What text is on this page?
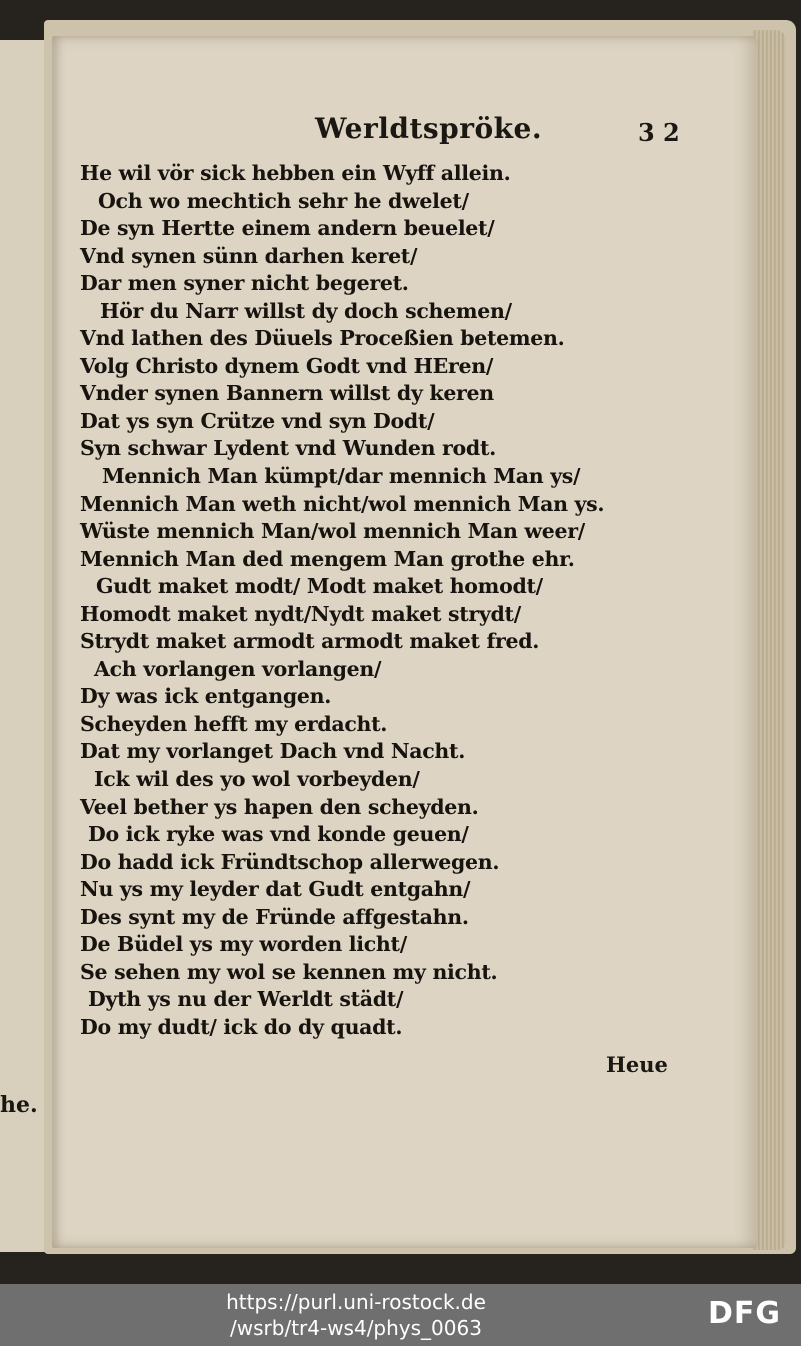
he.
Werldtspröke.	3 2
He wil vör sick hebben ein Wyff allein.
Och wo mechtich sehr he dwelet/
De syn Hertte einem andern beuelet/
Vnd synen sünn darhen keret/
Dar men syner nicht begeret.
Hör du Narr willst dy doch schemen/
Vnd lathen des Düuels Proceßien betemen.
Volg Christo dynem Godt vnd HEren/
Vnder synen Bannern willst dy keren
Dat ys syn Crütze vnd syn Dodt/
Syn schwar Lydent vnd Wunden rodt.
Mennich Man kümpt/dar mennich Man ys/
Mennich Man weth nicht/wol mennich Man ys.
Wüste mennich Man/wol mennich Man weer/
Mennich Man ded mengem Man grothe ehr.
Gudt maket modt/ Modt maket homodt/
Homodt maket nydt/Nydt maket strydt/
Strydt maket armodt armodt maket fred.
Ach vorlangen vorlangen/
Dy was ick entgangen.
Scheyden hefft my erdacht.
Dat my vorlanget Dach vnd Nacht.
Ick wil des yo wol vorbeyden/
Veel bether ys hapen den scheyden.
Do ick ryke was vnd konde geuen/
Do hadd ick Fründtschop allerwegen.
Nu ys my leyder dat Gudt entgahn/
Des synt my de Fründe affgestahn.
De Büdel ys my worden licht/
Se sehen my wol se kennen my nicht.
Dyth ys nu der Werldt städt/
Do my dudt/ ick do dy quadt.
Heue
https://purl.uni-rostock.de
/wsrb/tr4-ws4/phys_0063	DFG
